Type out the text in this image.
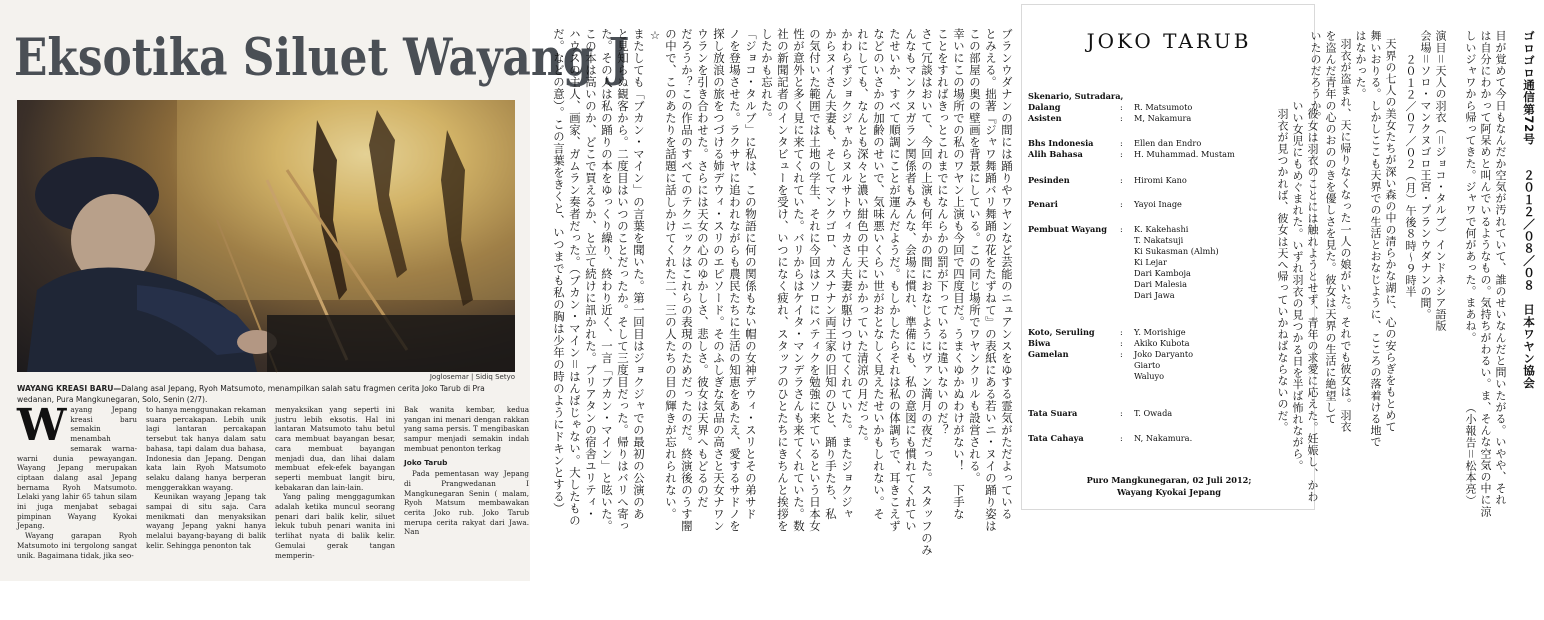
Eksotika Siluet Wayang J
Joglosemar | Sidiq Setyo
WAYANG KREASI BARU—Dalang asal Jepang, Ryoh Matsumoto, menampilkan salah satu fragmen cerita Joko Tarub di Pra wedanan, Pura Mangkunegaran, Solo, Senin (2/7).
W ayang Jepang kreasi baru semakin menambah semarak warna-warni dunia pewayangan. Wayang Jepang merupakan ciptaan dalang asal Jepang bernama Ryoh Matsumoto. Lelaki yang lahir 65 tahun silam ini juga menjabat sebagai pimpinan Wayang Kyokai Jepang.
Wayang garapan Ryoh Matsumoto ini tergolong sangat unik. Bagaimana tidak, jika seo-
to hanya menggunakan rekaman suara percakapan. Lebih unik lagi lantaran percakapan tersebut tak hanya dalam satu bahasa, tapi dalam dua bahasa, Indonesia dan Jepang. Dengan kata lain Ryoh Matsumoto selaku dalang hanya berperan menggerakkan wayang.
Keunikan wayang Jepang tak sampai di situ saja. Cara menikmati dan menyaksikan wayang Jepang yakni hanya melalui bayang-bayang di balik kelir. Sehingga penonton tak
menyaksikan yang seperti ini justru lebih eksotis. Hal ini lantaran Matsumoto tahu betul cara membuat bayangan besar, cara membuat bayangan menjadi dua, dan lihai dalam membuat efek-efek bayangan seperti membuat langit biru, kebakaran dan lain-lain.
Yang paling menggagumkan adalah ketika muncul seorang penari dari balik kelir, siluet lekuk tubuh penari wanita ini terlihat nyata di balik kelir. Gemulai gerak tangan memperin-
Bak wanita kembar, kedua yangan ini menari dengan rakkan yang sama persis. T mengibaskan sampur menjadi semakin indah membuat penonton terkag
Joko Tarub
Pada pementasan way Jepang di Prangwedanan I Mangkunegaran Senin ( malam, Ryoh Matsum membawakan cerita Joko rub. Joko Tarub merupa cerita rakyat dari Jawa. Nan
ブランウダナンの間には踊りやワヤンなど芸能のニュアンスをゆする霊気がただよっている
とみえる。拙著『ジャワ舞踊バリ舞踊の花をたずねて』の表紙にある若いニ・ヌイの踊り姿は
この部屋の奥の壁画を背景にしている。この同じ場所でワヤンクリルも設営される。
幸いにこの場所での私のワヤン上演も今回で四度目だ。うまくゆかぬわけがない！　下手な
ことをすればきっとこれまでになんらかの罰が下っているに違いないのだ？
さて冗談はおいて、今回の上演も何年かの間におなじようにヴァン満月の夜だった。スタッフのみ
んなもマンクヌガラン関係者もみんな、会場に慣れ、準備にも、私の意図にも慣れてくれてい
たせいか、すべて順調にことが運んだようだ。もしかしたらそれは私の体調ちで、耳きこえず
などのいさかの加齢のせいで、気味悪いくらい世がおとなしく見えたせいかもしれない。そ
れにしても、なんとも深々と濃い紺色の中天にかかっていた清涼の月だった。
かわらずジョクジャからヌルサトウィカさん夫妻が駆けつけてくれていた。またジョクジャ
からヌイさん夫妻も、そしてマンクゴロ、カスナナン両王家の旧知のひと、踊り手たち、私
の気付いた範囲では土地の学生、それに今回はソロにバティクを勉強に来ているという日本女
性が意外と多く見に来てくれていた。バリからはケイタ・マンデラさんも来てくれていた。数
社の新聞記者のインタビューを受け、いつになく疲れ、スタッフのひとたちにきちんと挨拶を
したかも忘れた。
「ジョコ・タルブ」に私は、この物語に何の関係もない帽の女神デウィ・スリとその弟サド
ノを登場させた。ラクサヤに追われながらも農民たちに生活の知恵をあたえ、愛するサドノを
探し放浪の旅をつづける姉デウィ・スリのエピソード。そのふしぎな気品の高さと天女ナワン
ウランを引き合わせた。さらには天女の心のゆかしさ、悲しさ。彼女は天界へもどるのだ
だろうか？この作品のすべてのテクニックはこれらの表現のためだったのだ。終演後のうす闇
の中で、このあたりを話題に話しかけてくれた二、三の人たちの目の輝きが忘れられない。
☆
またしても「ブカン・マイン」の言葉を聞いた。第一回目はジョクジャでの最初の公演のあ
と見知らぬ観客から。二度目はいつのことだったか。そして三度目だった。帰りはバリへ寄っ
た。その人は私の踊りの本をゆっくり繰り、終わり近く、一言「ブカン・マイン」と呟いた。
この本は高いのか、どこで買えるか、と立て続けに訊かれた。ブリアタンの宿舎ユリティ・
ハウスの主人、画家、ガムラン奏者だった。（ブカン・マイン＝はんぱじゃない。大したもの
だ。などの意）。この言葉をきくと、いつまでも私の胸は少年の時のようにドキンとする）	JOKO TARUB
Skenario, Sutradara,
Dalang	: R. Matsumoto
Asisten	: M, Nakamura
Bhs Indonesia	: Ellen dan Endro
Alih Bahasa	: H. Muhammad. Mustam
Pesinden	: Hiromi Kano
Penari	: Yayoi Inage
Pembuat Wayang : K. Kakehashi
T. Nakatsuji
Ki Sukasman (Almh)
Ki Lejar
Dari Kamboja
Dari Malesia
Dari Jawa
Koto, Seruling	: Y. Morishige
Biwa	: Akiko Kubota
Gamelan	: Joko Daryanto
Giarto
Waluyo
Tata Suara	: T. Owada
Tata Cahaya	: N, Nakamura.
Puro Mangkunegaran, 02 Juli 2012;
Wayang Kyokai Jepang
ゴロゴロ通信第72号　　２０１２／０８／０８　日本ワヤン協会
目が覚めて今日もなんだか空気が汚れていて、誰のせいなんだと問いたがる。いやや、それ
は自分にわかって阿呆めと叫んでいるようなもの。気持ちがわるい。ま、そんな空気の中に涼
しいジャワから帰ってきた。ジャワで何があった。まあね。　　　　　　（小報告＝松本亮）
演目＝天人の羽衣（＝ジョコ・タルブ）インドネシア語版
会場＝ソロ・マンクヌゴロ王宮・プランウダナンの間。
２０１２／０７／０２（月）午後８時〜９時半
天界の七人の美女たちが深い森の中の清らかな湖に、心の安らぎをもとめて
舞いおりる。しかしここも天界での生活とおなじように、こころの落着ける地で
はなかった。
羽衣が盗まれ、天に帰りなくなった一人の娘がいた。それでも彼女は。羽衣
を盗んだ青年の心のおののきを優しさを見た。彼女は天界の生活に絶望して
いたのだろうか。
彼女は羽衣のことには触れようとせず、青年の求愛に応えた。妊娠し、かわ
いい女児にもめぐまれた。いずれ羽衣の見つかる日を半ば怖れながら。
羽衣が見つかれば、彼女は天へ帰っていかねばならないのだ。
